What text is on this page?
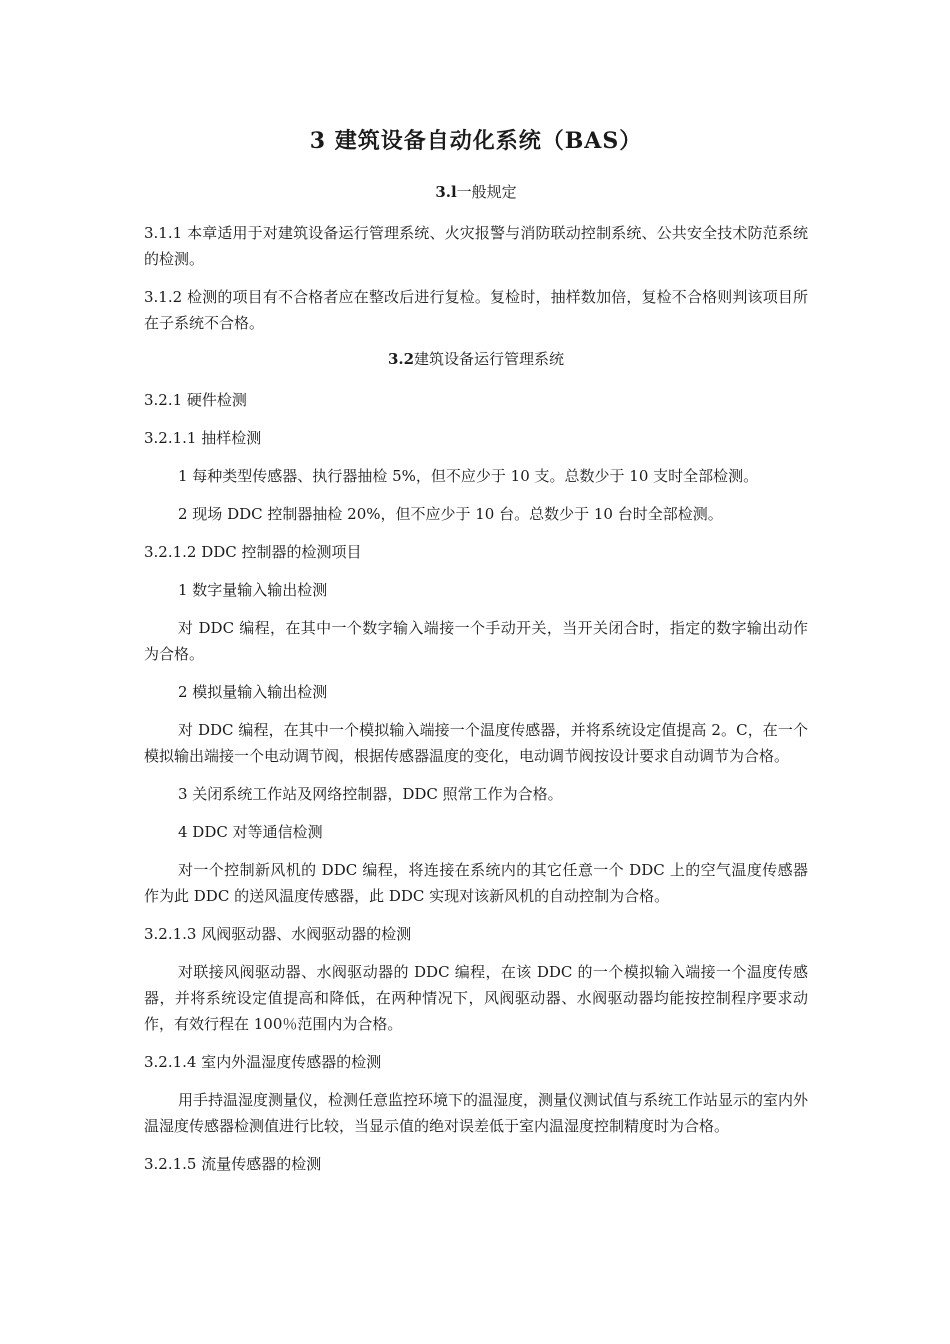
3 建筑设备自动化系统（BAS）
3.l一般规定

3.1.1 本章适用于对建筑设备运行管理系统、火灾报警与消防联动控制系统、公共安全技术防范系统的检测。

3.1.2 检测的项目有不合格者应在整改后进行复检。复检时，抽样数加倍，复检不合格则判该项目所在子系统不合格。

3.2建筑设备运行管理系统

3.2.1 硬件检测

3.2.1.1 抽样检测

1 每种类型传感器、执行器抽检 5%，但不应少于 10 支。总数少于 10 支时全部检测。

2 现场 DDC 控制器抽检 20%，但不应少于 10 台。总数少于 10 台时全部检测。

3.2.1.2 DDC 控制器的检测项目

1 数字量输入输出检测

对 DDC 编程，在其中一个数字输入端接一个手动开关，当开关闭合时，指定的数字输出动作为合格。

2 模拟量输入输出检测

对 DDC 编程，在其中一个模拟输入端接一个温度传感器，并将系统设定值提高 2。C，在一个模拟输出端接一个电动调节阀，根据传感器温度的变化，电动调节阀按设计要求自动调节为合格。

3 关闭系统工作站及网络控制器，DDC 照常工作为合格。

4 DDC 对等通信检测

对一个控制新风机的 DDC 编程，将连接在系统内的其它任意一个 DDC 上的空气温度传感器作为此 DDC 的送风温度传感器，此 DDC 实现对该新风机的自动控制为合格。

3.2.1.3 风阀驱动器、水阀驱动器的检测

对联接风阀驱动器、水阀驱动器的 DDC 编程，在该 DDC 的一个模拟输入端接一个温度传感器，并将系统设定值提高和降低，在两种情况下，风阀驱动器、水阀驱动器均能按控制程序要求动作，有效行程在 100％范围内为合格。

3.2.1.4 室内外温湿度传感器的检测

用手持温湿度测量仪，检测任意监控环境下的温湿度，测量仪测试值与系统工作站显示的室内外温湿度传感器检测值进行比较，当显示值的绝对误差低于室内温湿度控制精度时为合格。

3.2.1.5 流量传感器的检测
